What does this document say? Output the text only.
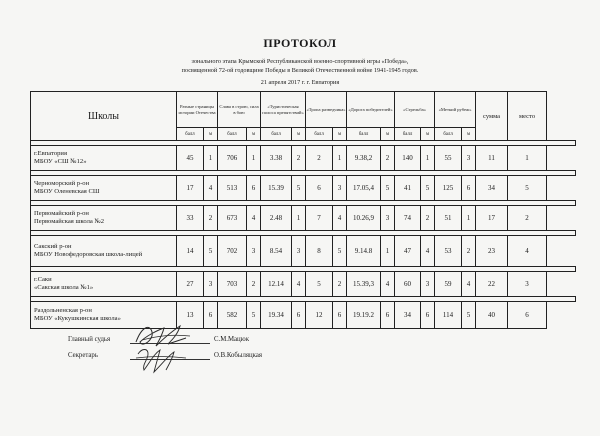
ПРОТОКОЛ
зонального этапа Крымской Республиканской военно-спортивной игры «Победа»,
посвященной 72-ой годовщине Победы в Великой Отечественной войне 1941-1945 годов.
21 апреля 2017 г. г. Евпатория
Школы	Ратные страницы истории Отечества		Слава в строю, сила в бою		«Туристическая полоса препятствий»		«Тропа разведчика»		«Дорога победителей»		«Стрельба»		«Меткий рубеж»		сумма	место
	балл	м	балл	м	балл	м	балл	м	балл	м	балл	м	балл	м		

г.Евпатория
МБОУ «СШ №12»	45	1	706	1	3.38	2	2	1	9.38,2	2	140	1	55	3	11	1

Черноморский р-он
МБОУ Оленевская СШ	17	4	513	6	15.39	5	6	3	17.05,4	5	41	5	125	6	34	5

Первомайский р-он
Первомайская школа №2	33	2	673	4	2.48	1	7	4	10.26,9	3	74	2	51	1	17	2

Сакский р-он
МБОУ Новофедоровская школа-лицей	14	5	702	3	8.54	3	8	5	9.14.8	1	47	4	53	2	23	4

г.Саки
«Сакская школа №1»	27	3	703	2	12.14	4	5	2	15.39,3	4	60	3	59	4	22	3

Раздольненская р-он
МБОУ «Кукушкинская школа»	13	6	582	5	19.34	6	12	6	19.19.2	6	34	6	114	5	40	6
Главный судья	С.М.Мацюк
Секретарь	О.В.Кобыляцкая
